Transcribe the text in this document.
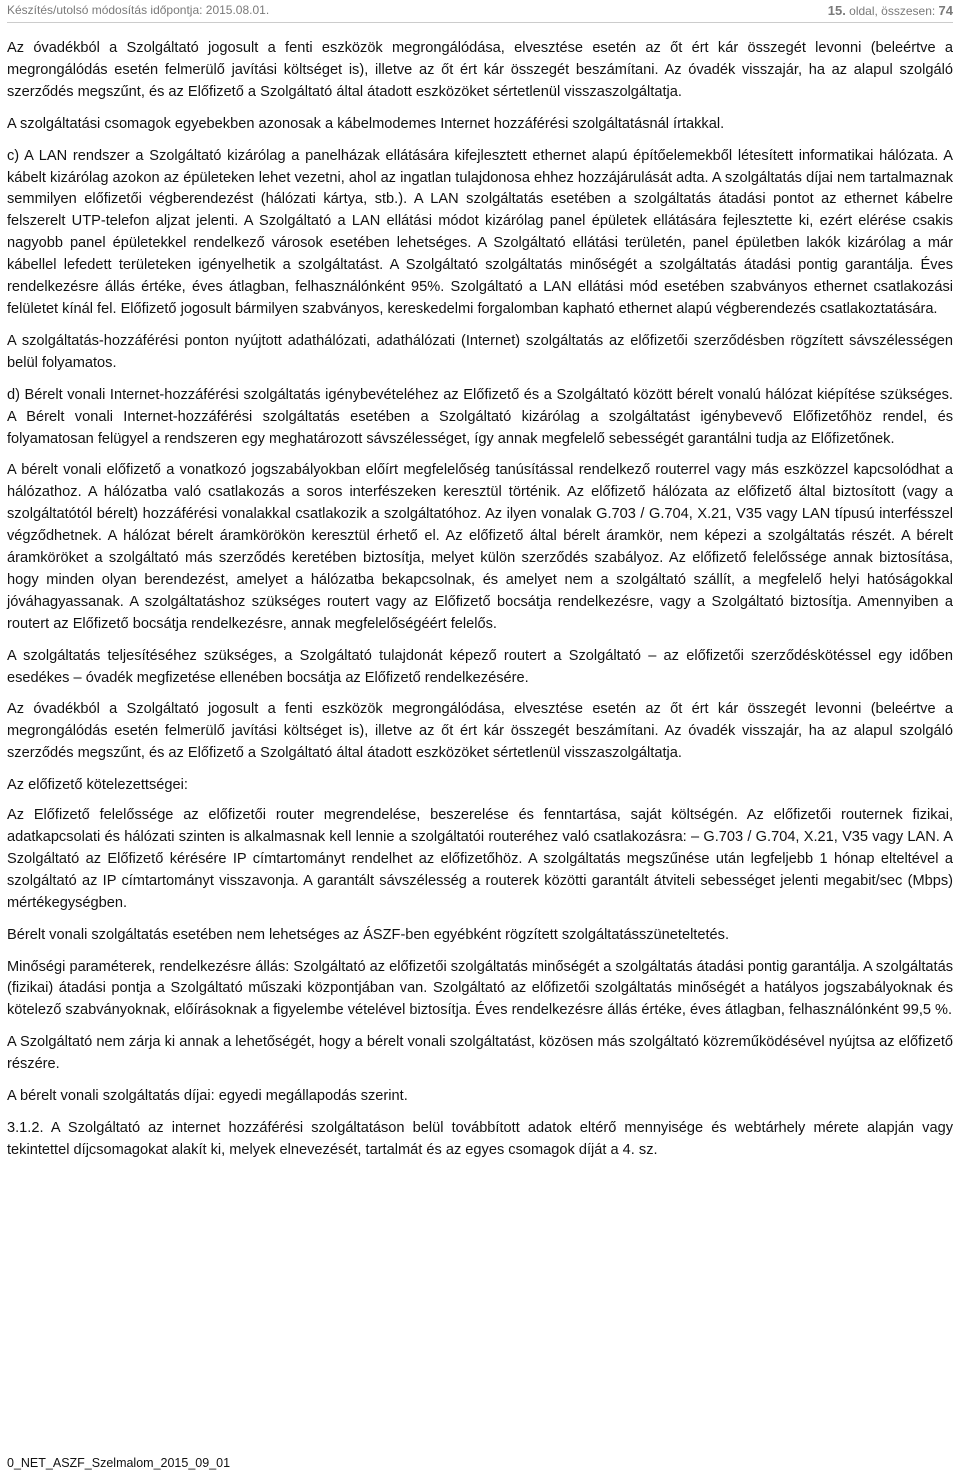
Készítés/utolsó módosítás időpontja: 2015.08.01.	15. oldal, összesen: 74

Az óvadékból a Szolgáltató jogosult a fenti eszközök megrongálódása, elvesztése esetén az őt ért kár összegét levonni (beleértve a megrongálódás esetén felmerülő javítási költséget is), illetve az őt ért kár összegét beszámítani. Az óvadék visszajár, ha az alapul szolgáló szerződés megszűnt, és az Előfizető a Szolgáltató által átadott eszközöket sértetlenül visszaszolgáltatja.

A szolgáltatási csomagok egyebekben azonosak a kábelmodemes Internet hozzáférési szolgáltatásnál írtakkal.

c) A LAN rendszer a Szolgáltató kizárólag a panelházak ellátására kifejlesztett ethernet alapú építőelemekből létesített informatikai hálózata. A kábelt kizárólag azokon az épületeken lehet vezetni, ahol az ingatlan tulajdonosa ehhez hozzájárulását adta. A szolgáltatás díjai nem tartalmaznak semmilyen előfizetői végberendezést (hálózati kártya, stb.). A LAN szolgáltatás esetében a szolgáltatás átadási pontot az ethernet kábelre felszerelt UTP-telefon aljzat jelenti. A Szolgáltató a LAN ellátási módot kizárólag panel épületek ellátására fejlesztette ki, ezért elérése csakis nagyobb panel épületekkel rendelkező városok esetében lehetséges. A Szolgáltató ellátási területén, panel épületben lakók kizárólag a már kábellel lefedett területeken igényelhetik a szolgáltatást. A Szolgáltató szolgáltatás minőségét a szolgáltatás átadási pontig garantálja. Éves rendelkezésre állás értéke, éves átlagban, felhasználónként 95%. Szolgáltató a LAN ellátási mód esetében szabványos ethernet csatlakozási felületet kínál fel. Előfizető jogosult bármilyen szabványos, kereskedelmi forgalomban kapható ethernet alapú végberendezés csatlakoztatására.

A szolgáltatás-hozzáférési ponton nyújtott adathálózati, adathálózati (Internet) szolgáltatás az előfizetői szerződésben rögzített sávszélességen belül folyamatos.

d) Bérelt vonali Internet-hozzáférési szolgáltatás igénybevételéhez az Előfizető és a Szolgáltató között bérelt vonalú hálózat kiépítése szükséges. A Bérelt vonali Internet-hozzáférési szolgáltatás esetében a Szolgáltató kizárólag a szolgáltatást igénybevevő Előfizetőhöz rendel, és folyamatosan felügyel a rendszeren egy meghatározott sávszélességet, így annak megfelelő sebességét garantálni tudja az Előfizetőnek.

A bérelt vonali előfizető a vonatkozó jogszabályokban előírt megfelelőség tanúsítással rendelkező routerrel vagy más eszközzel kapcsolódhat a hálózathoz. A hálózatba való csatlakozás a soros interfészeken keresztül történik. Az előfizető hálózata az előfizető által biztosított (vagy a szolgáltatótól bérelt) hozzáférési vonalakkal csatlakozik a szolgáltatóhoz. Az ilyen vonalak G.703 / G.704, X.21, V35 vagy LAN típusú interfésszel végződhetnek. A hálózat bérelt áramkörökön keresztül érhető el. Az előfizető által bérelt áramkör, nem képezi a szolgáltatás részét. A bérelt áramköröket a szolgáltató más szerződés keretében biztosítja, melyet külön szerződés szabályoz. Az előfizető felelőssége annak biztosítása, hogy minden olyan berendezést, amelyet a hálózatba bekapcsolnak, és amelyet nem a szolgáltató szállít, a megfelelő helyi hatóságokkal jóváhagyassanak. A szolgáltatáshoz szükséges routert vagy az Előfizető bocsátja rendelkezésre, vagy a Szolgáltató biztosítja. Amennyiben a routert az Előfizető bocsátja rendelkezésre, annak megfelelőségéért felelős.

A szolgáltatás teljesítéséhez szükséges, a Szolgáltató tulajdonát képező routert a Szolgáltató – az előfizetői szerződéskötéssel egy időben esedékes – óvadék megfizetése ellenében bocsátja az Előfizető rendelkezésére.

Az óvadékból a Szolgáltató jogosult a fenti eszközök megrongálódása, elvesztése esetén az őt ért kár összegét levonni (beleértve a megrongálódás esetén felmerülő javítási költséget is), illetve az őt ért kár összegét beszámítani. Az óvadék visszajár, ha az alapul szolgáló szerződés megszűnt, és az Előfizető a Szolgáltató által átadott eszközöket sértetlenül visszaszolgáltatja.

Az előfizető kötelezettségei:

Az Előfizető felelőssége az előfizetői router megrendelése, beszerelése és fenntartása, saját költségén. Az előfizetői routernek fizikai, adatkapcsolati és hálózati szinten is alkalmasnak kell lennie a szolgáltatói routeréhez való csatlakozásra: – G.703 / G.704, X.21, V35 vagy LAN. A Szolgáltató az Előfizető kérésére IP címtartományt rendelhet az előfizetőhöz. A szolgáltatás megszűnése után legfeljebb 1 hónap elteltével a szolgáltató az IP címtartományt visszavonja. A garantált sávszélesség a routerek közötti garantált átviteli sebességet jelenti megabit/sec (Mbps) mértékegységben.

Bérelt vonali szolgáltatás esetében nem lehetséges az ÁSZF-ben egyébként rögzített szolgáltatásszüneteltetés.

Minőségi paraméterek, rendelkezésre állás: Szolgáltató az előfizetői szolgáltatás minőségét a szolgáltatás átadási pontig garantálja. A szolgáltatás (fizikai) átadási pontja a Szolgáltató műszaki központjában van. Szolgáltató az előfizetői szolgáltatás minőségét a hatályos jogszabályoknak és kötelező szabványoknak, előírásoknak a figyelembe vételével biztosítja. Éves rendelkezésre állás értéke, éves átlagban, felhasználónként 99,5 %.

A Szolgáltató nem zárja ki annak a lehetőségét, hogy a bérelt vonali szolgáltatást, közösen más szolgáltató közreműködésével nyújtsa az előfizető részére.

A bérelt vonali szolgáltatás díjai: egyedi megállapodás szerint.

3.1.2. A Szolgáltató az internet hozzáférési szolgáltatáson belül továbbított adatok eltérő mennyisége és webtárhely mérete alapján vagy tekintettel díjcsomagokat alakít ki, melyek elnevezését, tartalmát és az egyes csomagok díját a 4. sz.

0_NET_ASZF_Szelmalom_2015_09_01
